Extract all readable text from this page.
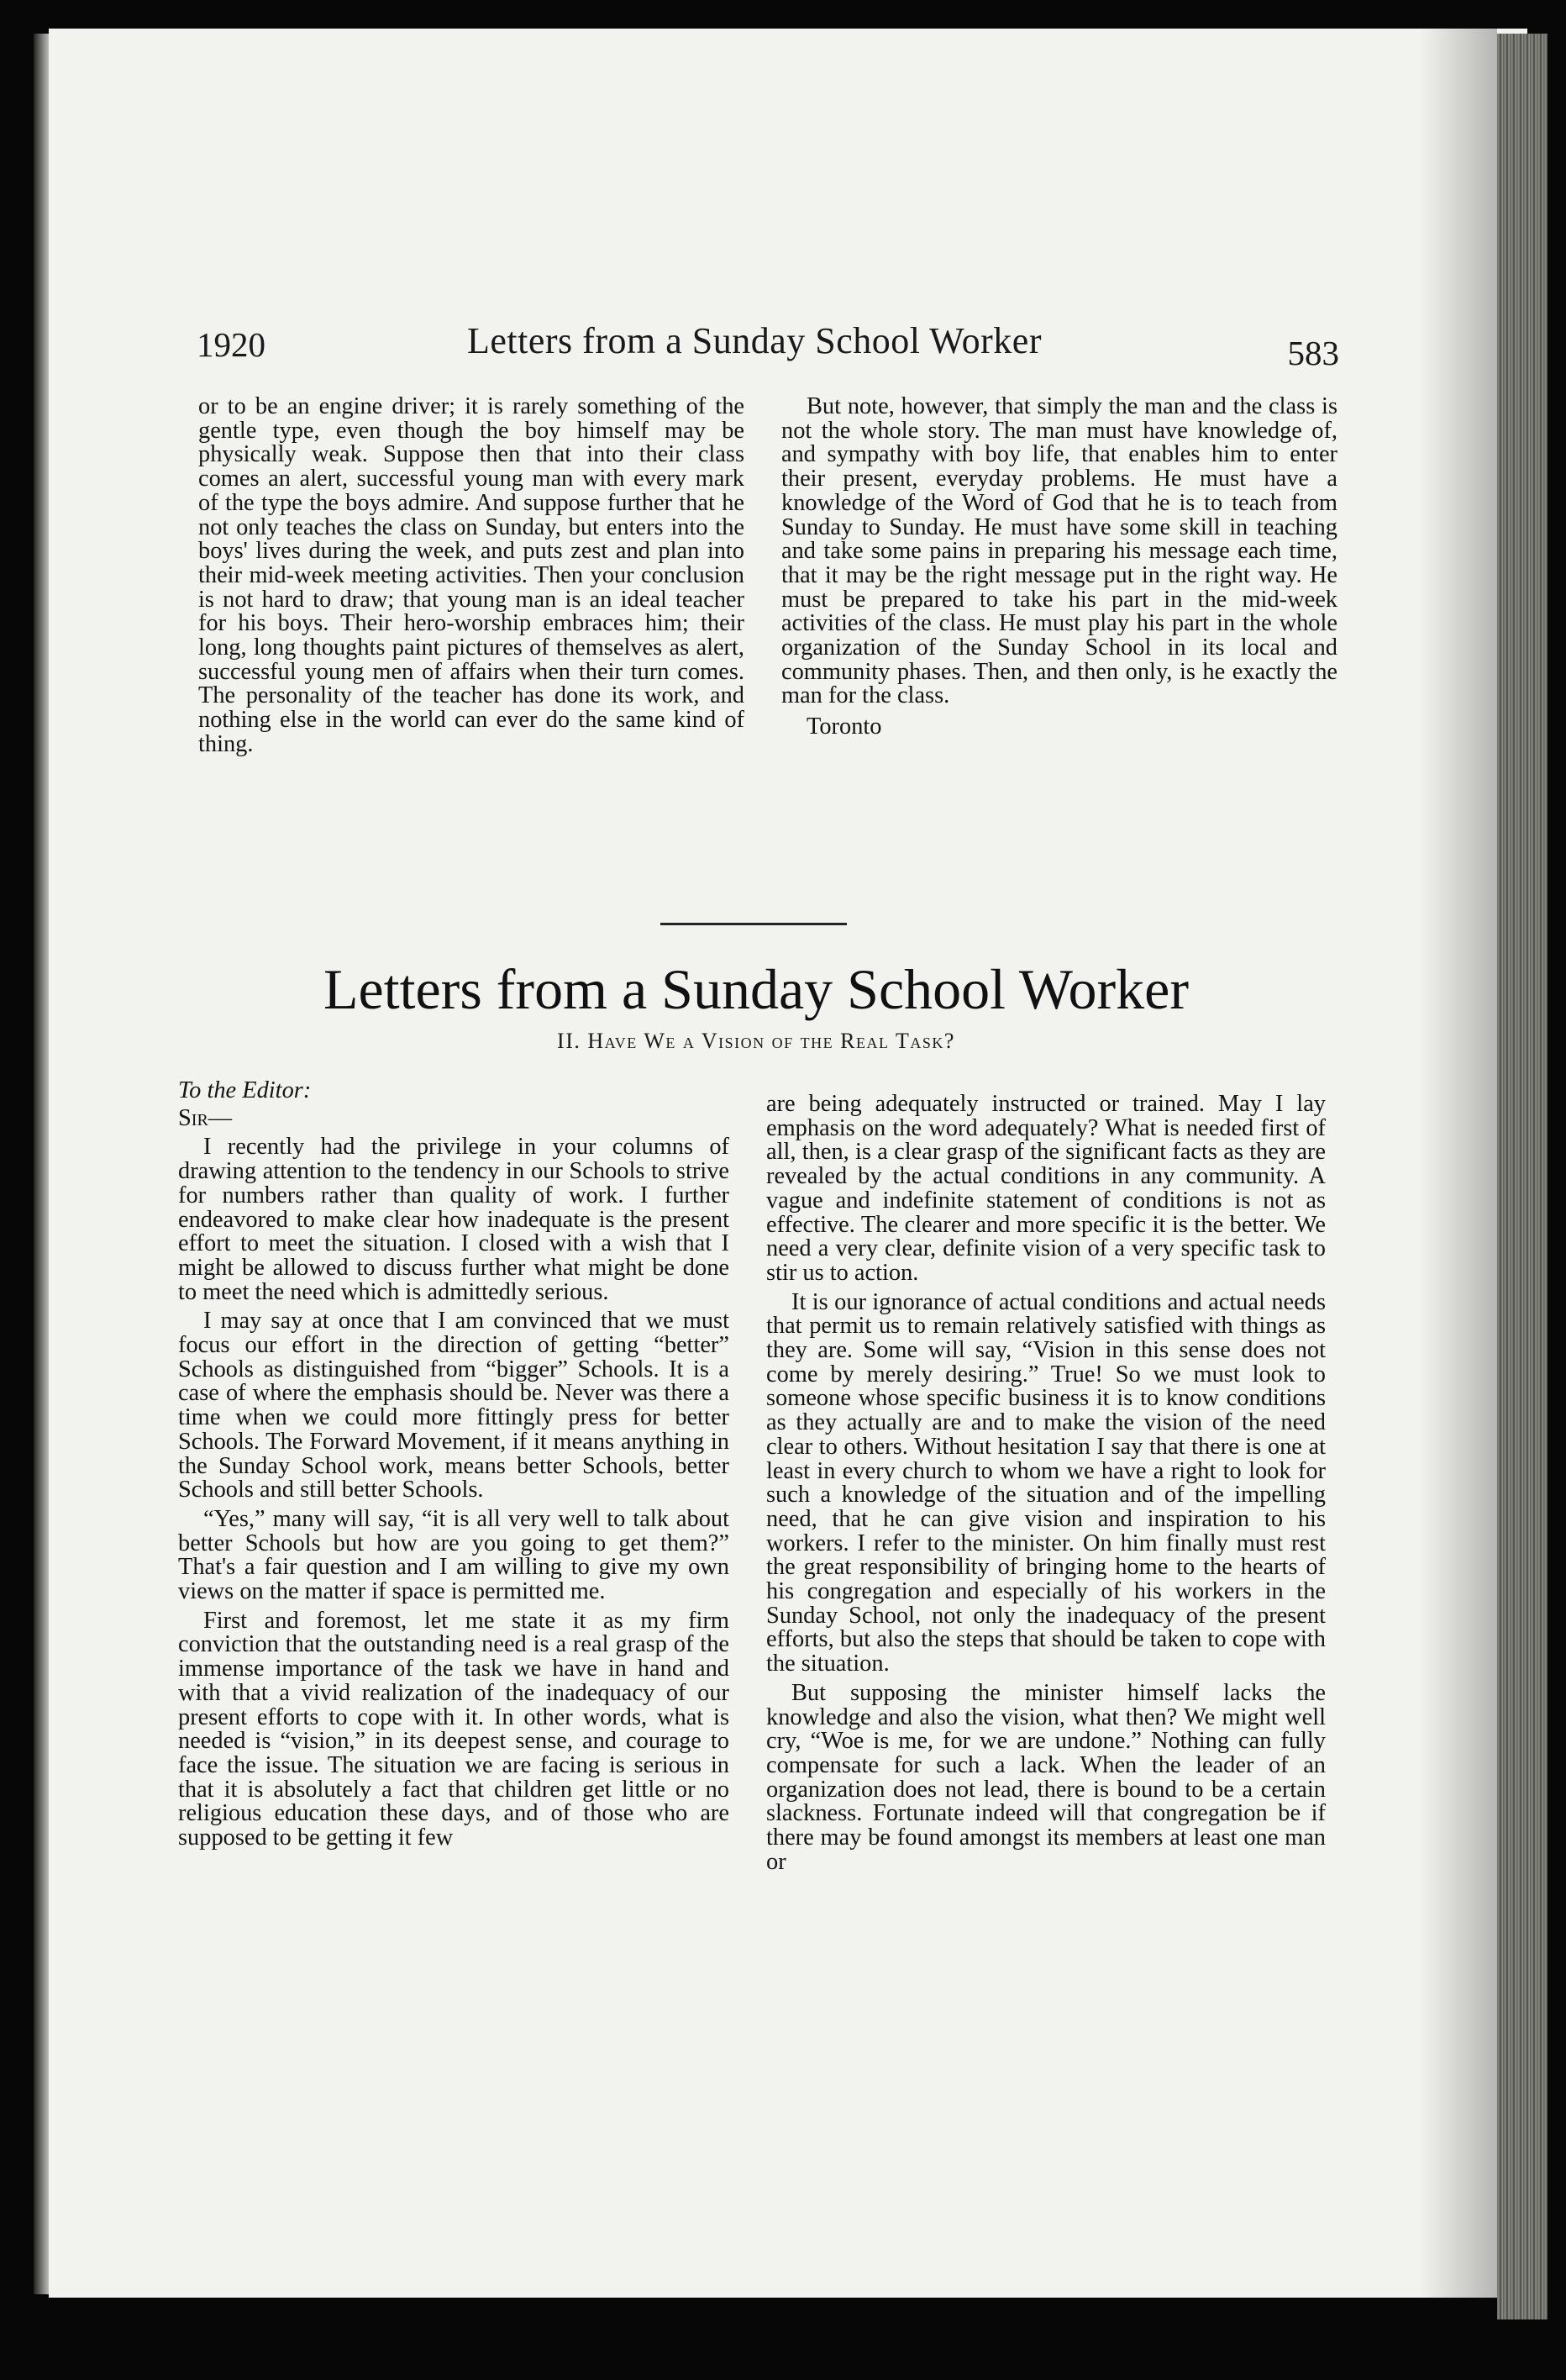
1920	Letters from a Sunday School Worker	583

or to be an engine driver; it is rarely something of the gentle type, even though the boy himself may be physically weak. Suppose then that into their class comes an alert, successful young man with every mark of the type the boys admire. And suppose further that he not only teaches the class on Sunday, but enters into the boys' lives during the week, and puts zest and plan into their mid-week meeting activities. Then your conclusion is not hard to draw; that young man is an ideal teacher for his boys. Their hero-worship embraces him; their long, long thoughts paint pictures of themselves as alert, successful young men of affairs when their turn comes. The personality of the teacher has done its work, and nothing else in the world can ever do the same kind of thing.

But note, however, that simply the man and the class is not the whole story. The man must have knowledge of, and sympathy with boy life, that enables him to enter their present, everyday problems. He must have a knowledge of the Word of God that he is to teach from Sunday to Sunday. He must have some skill in teaching and take some pains in preparing his message each time, that it may be the right message put in the right way. He must be prepared to take his part in the mid-week activities of the class. He must play his part in the whole organization of the Sunday School in its local and community phases. Then, and then only, is he exactly the man for the class.

Toronto

Letters from a Sunday School Worker
II. Have We a Vision of the Real Task?

To the Editor:

Sir—

I recently had the privilege in your columns of drawing attention to the tendency in our Schools to strive for numbers rather than quality of work. I further endeavored to make clear how inadequate is the present effort to meet the situation. I closed with a wish that I might be allowed to discuss further what might be done to meet the need which is admittedly serious.

I may say at once that I am convinced that we must focus our effort in the direction of getting “better” Schools as distinguished from “bigger” Schools. It is a case of where the emphasis should be. Never was there a time when we could more fittingly press for better Schools. The Forward Movement, if it means anything in the Sunday School work, means better Schools, better Schools and still better Schools.

“Yes,” many will say, “it is all very well to talk about better Schools but how are you going to get them?” That's a fair question and I am willing to give my own views on the matter if space is permitted me.

First and foremost, let me state it as my firm conviction that the outstanding need is a real grasp of the immense importance of the task we have in hand and with that a vivid realization of the inadequacy of our present efforts to cope with it. In other words, what is needed is “vision,” in its deepest sense, and courage to face the issue. The situation we are facing is serious in that it is absolutely a fact that children get little or no religious education these days, and of those who are supposed to be getting it few

are being adequately instructed or trained. May I lay emphasis on the word adequately? What is needed first of all, then, is a clear grasp of the significant facts as they are revealed by the actual conditions in any community. A vague and indefinite statement of conditions is not as effective. The clearer and more specific it is the better. We need a very clear, definite vision of a very specific task to stir us to action.

It is our ignorance of actual conditions and actual needs that permit us to remain relatively satisfied with things as they are. Some will say, “Vision in this sense does not come by merely desiring.” True! So we must look to someone whose specific business it is to know conditions as they actually are and to make the vision of the need clear to others. Without hesitation I say that there is one at least in every church to whom we have a right to look for such a knowledge of the situation and of the impelling need, that he can give vision and inspiration to his workers. I refer to the minister. On him finally must rest the great responsibility of bringing home to the hearts of his congregation and especially of his workers in the Sunday School, not only the inadequacy of the present efforts, but also the steps that should be taken to cope with the situation.

But supposing the minister himself lacks the knowledge and also the vision, what then? We might well cry, “Woe is me, for we are undone.” Nothing can fully compensate for such a lack. When the leader of an organization does not lead, there is bound to be a certain slackness. Fortunate indeed will that congregation be if there may be found amongst its members at least one man or
